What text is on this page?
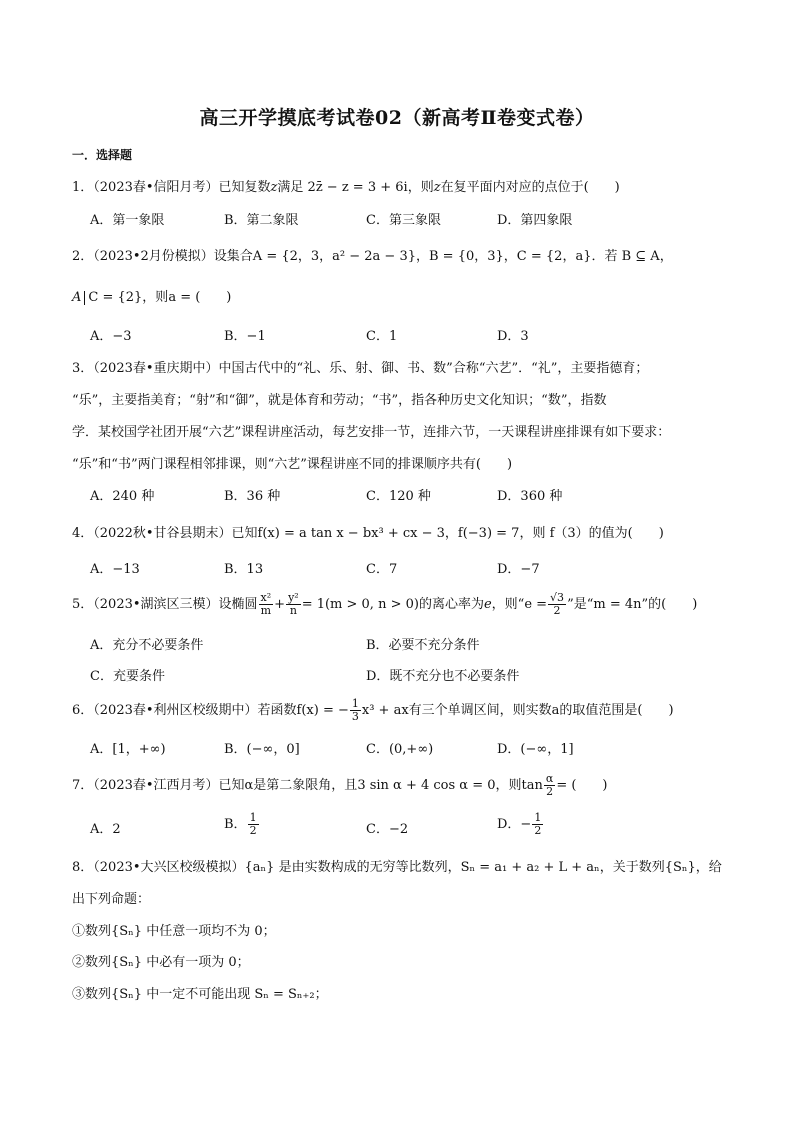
高三开学摸底考试卷02（新高考Ⅱ卷变式卷）
一．选择题
1．（2023春•信阳月考）已知复数z满足 2z̄ − z = 3 + 6i，则z在复平面内对应的点位于(　　)
A．第一象限	B．第二象限	C．第三象限	D．第四象限
2．（2023•2月份模拟）设集合A = {2，3，a² − 2a − 3}，B = {0，3}，C = {2，a}．若 B ⊆ A，
A C = {2}，则a = (　　)
A．−3	B．−1	C．1	D．3
3．（2023春•重庆期中）中国古代中的“礼、乐、射、御、书、数”合称“六艺”．“礼”，主要指德育；
“乐”，主要指美育；“射”和“御”，就是体育和劳动；“书”，指各种历史文化知识；“数”，指数
学．某校国学社团开展“六艺”课程讲座活动，每艺安排一节，连排六节，一天课程讲座排课有如下要求：
“乐”和“书”两门课程相邻排课，则“六艺”课程讲座不同的排课顺序共有(　　)
A．240 种	B．36 种	C．120 种	D．360 种
4．（2022秋•甘谷县期末）已知f(x) = a tan x − bx³ + cx − 3，f(−3) = 7，则 f（3）的值为(　　)
A．−13	B．13	C．7	D．−7
5．（2023•湖滨区三模）设椭圆 $\frac{\text{x²}}{m} + \frac{\text{y²}}{n} = 1(m > 0$, n > 0)的离心率为e，则“$e = \frac{√3}{2}$ ”是“m = 4n”的(　　)
A．充分不必要条件	B．必要不充分条件
C．充要条件	D．既不充分也不必要条件
6．（2023春•利州区校级期中）若函数f(x) = − $\frac{1}{3} x^3$ + ax有三个单调区间，则实数a的取值范围是(　　)
A．[1，+∞)	B．(−∞，0]	C．(0,+∞)	D．(−∞，1]
7．（2023春•江西月考）已知α是第二象限角，且3 sin α + 4 cos α = 0，则$\tan \frac{\alpha}{2}$ = (　　)
A．2	B． $\frac{1}{2}$	C．−2	D．− $\frac{1}{2}$
8．（2023•大兴区校级模拟）{aₙ} 是由实数构成的无穷等比数列，Sₙ = a₁ + a₂ + L + aₙ，关于数列{Sₙ}，给
出下列命题：
①数列{Sₙ} 中任意一项均不为 0；
②数列{Sₙ} 中必有一项为 0；
③数列{Sₙ} 中一定不可能出现 Sₙ = Sₙ₊₂；
